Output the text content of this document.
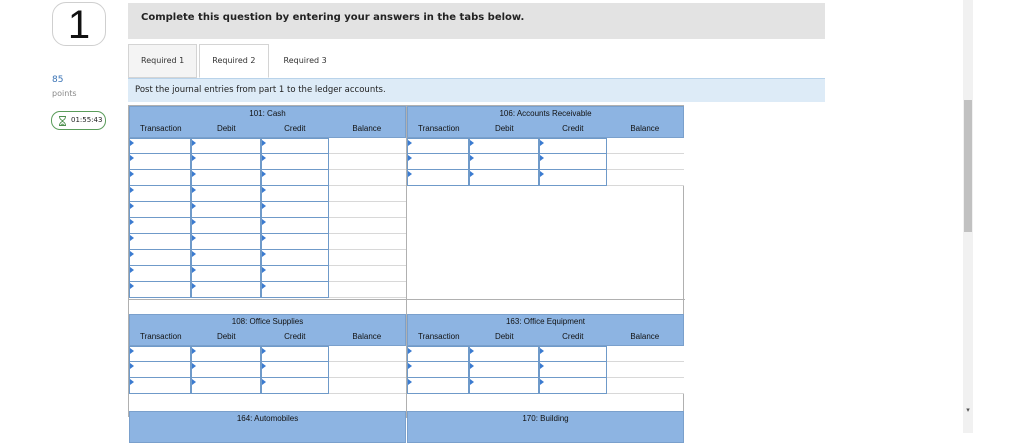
1
85
points
01:55:43
Complete this question by entering your answers in the tabs below.
Required 1	Required 2	Required 3
Post the journal entries from part 1 to the ledger accounts.
101: Cash
Transaction	Debit	Credit	Balance
106: Accounts Receivable
Transaction	Debit	Credit	Balance
108: Office Supplies
Transaction	Debit	Credit	Balance
163: Office Equipment
Transaction	Debit	Credit	Balance
164: Automobiles	170: Building
▾
